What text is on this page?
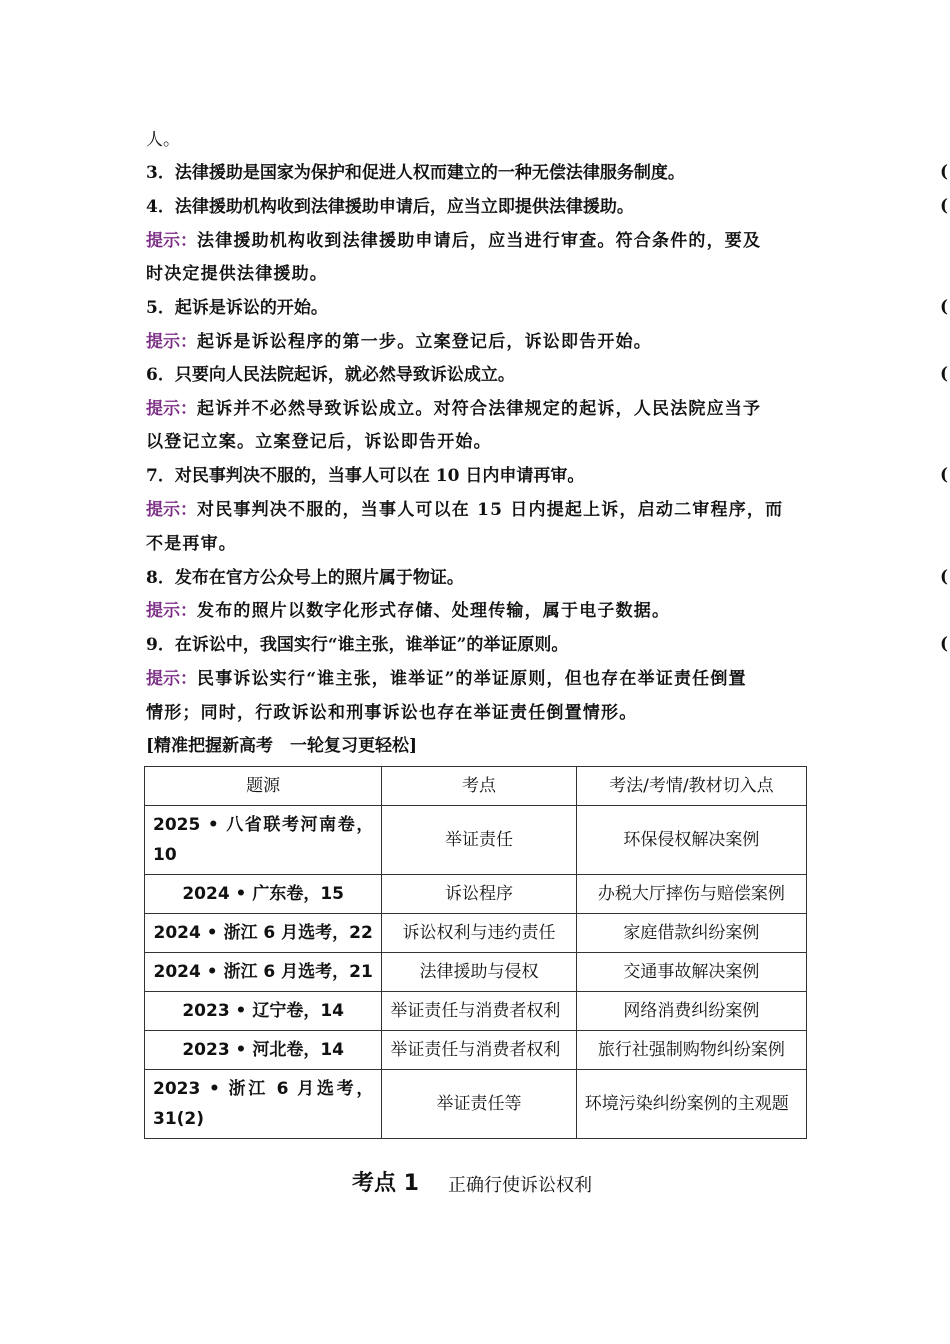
人。
3．法律援助是国家为保护和促进人权而建立的一种无偿法律服务制度。	(
4．法律援助机构收到法律援助申请后，应当立即提供法律援助。	(
提示：法律援助机构收到法律援助申请后，应当进行审查。符合条件的，要及
时决定提供法律援助。
5．起诉是诉讼的开始。	(
提示：起诉是诉讼程序的第一步。立案登记后，诉讼即告开始。
6．只要向人民法院起诉，就必然导致诉讼成立。	(
提示：起诉并不必然导致诉讼成立。对符合法律规定的起诉，人民法院应当予
以登记立案。立案登记后，诉讼即告开始。
7．对民事判决不服的，当事人可以在 10 日内申请再审。	(
提示：对民事判决不服的，当事人可以在 15 日内提起上诉，启动二审程序，而
不是再审。
8．发布在官方公众号上的照片属于物证。	(
提示：发布的照片以数字化形式存储、处理传输，属于电子数据。
9．在诉讼中，我国实行“谁主张，谁举证”的举证原则。	(
提示：民事诉讼实行“谁主张，谁举证”的举证原则，但也存在举证责任倒置
情形；同时，行政诉讼和刑事诉讼也存在举证责任倒置情形。
[精准把握新高考　一轮复习更轻松]
题源	考点	考法/考情/教材切入点
2025 • 八省联考河南卷，10	举证责任	环保侵权解决案例
2024 • 广东卷，15	诉讼程序	办税大厅摔伤与赔偿案例
2024 • 浙江 6 月选考，22	诉讼权利与违约责任	家庭借款纠纷案例
2024 • 浙江 6 月选考，21	法律援助与侵权	交通事故解决案例
2023 • 辽宁卷，14	举证责任与消费者权利	网络消费纠纷案例
2023 • 河北卷，14	举证责任与消费者权利	旅行社强制购物纠纷案例
2023 • 浙江 6 月选考，31(2)	举证责任等	环境污染纠纷案例的主观题
考点 1 正确行使诉讼权利
